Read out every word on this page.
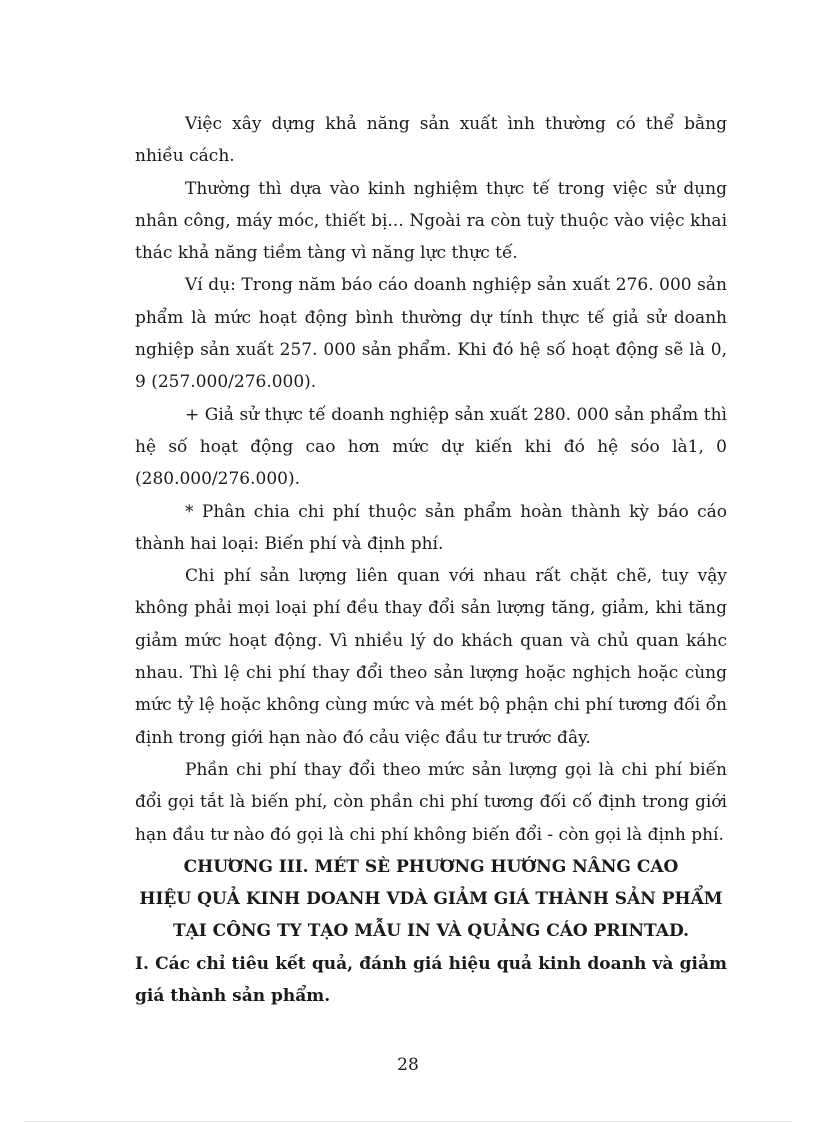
Việc xây dựng khả năng sản xuất ình thường có thể bằng nhiều cách.

Thường thì dựa vào kinh nghiệm thực tế trong việc sử dụng nhân công, máy móc, thiết bị... Ngoài ra còn tuỳ thuộc vào việc khai thác khả năng tiềm tàng vì năng lực thực tế.

Ví dụ: Trong năm báo cáo doanh nghiệp sản xuất 276. 000 sản phẩm là mức hoạt động bình thường dự tính thực tế giả sử doanh nghiệp sản xuất 257. 000 sản phẩm. Khi đó hệ số hoạt động sẽ là 0, 9 (257.000/276.000).

+ Giả sử thực tế doanh nghiệp sản xuất 280. 000 sản phẩm thì hệ số hoạt động cao hơn mức dự kiến khi đó hệ sóo là1, 0 (280.000/276.000).

* Phân chia chi phí thuộc sản phẩm hoàn thành kỳ báo cáo thành hai loại: Biến phí và định phí.

Chi phí sản lượng liên quan với nhau rất chặt chẽ, tuy vậy không phải mọi loại phí đều thay đổi sản lượng tăng, giảm, khi tăng giảm mức hoạt động. Vì nhiều lý do khách quan và chủ quan káhc nhau. Thì lệ chi phí thay đổi theo sản lượng hoặc nghịch hoặc cùng mức tỷ lệ hoặc không cùng mức và mét bộ phận chi phí tương đối ổn định trong giới hạn nào đó cảu việc đầu tư trước đây.

Phần chi phí thay đổi theo mức sản lượng gọi là chi phí biến đổi gọi tắt là biến phí, còn phần chi phí tương đối cố định trong giới hạn đầu tư nào đó gọi là chi phí không biến đổi - còn gọi là định phí.

CHƯƠNG III. MÉT SÈ PHƯƠNG HƯỚNG NÂNG CAO

HIỆU QUẢ KINH DOANH VDÀ GIẢM GIÁ THÀNH SẢN PHẨM

TẠI CÔNG TY TẠO MẪU IN VÀ QUẢNG CÁO PRINTAD.

I. Các chỉ tiêu kết quả, đánh giá hiệu quả kinh doanh và giảm giá thành sản phẩm.

28
